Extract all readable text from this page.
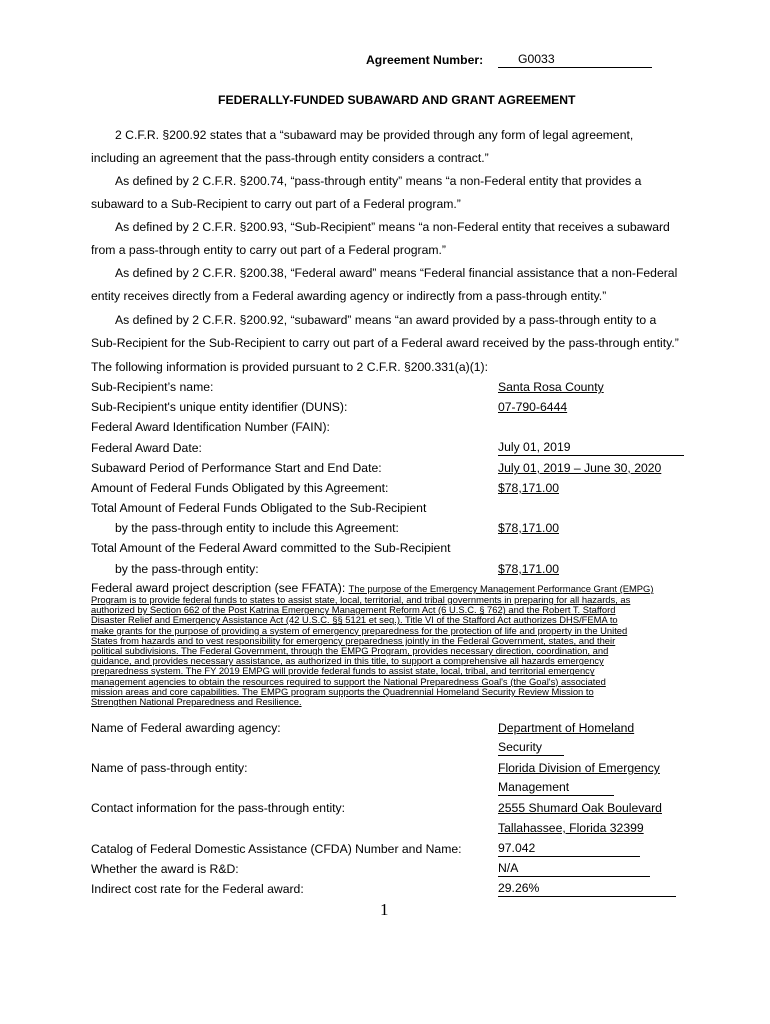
Agreement Number:	G0033
FEDERALLY-FUNDED SUBAWARD AND GRANT AGREEMENT
2 C.F.R. §200.92 states that a “subaward may be provided through any form of legal agreement, including an agreement that the pass-through entity considers a contract.”
As defined by 2 C.F.R. §200.74, “pass-through entity” means “a non-Federal entity that provides a subaward to a Sub-Recipient to carry out part of a Federal program.”
As defined by 2 C.F.R. §200.93, “Sub-Recipient” means “a non-Federal entity that receives a subaward from a pass-through entity to carry out part of a Federal program.”
As defined by 2 C.F.R. §200.38, “Federal award” means “Federal financial assistance that a non-Federal entity receives directly from a Federal awarding agency or indirectly from a pass-through entity.”
As defined by 2 C.F.R. §200.92, “subaward” means “an award provided by a pass-through entity to a Sub-Recipient for the Sub-Recipient to carry out part of a Federal award received by the pass-through entity.”
The following information is provided pursuant to 2 C.F.R. §200.331(a)(1):
Sub-Recipient’s name:	Santa Rosa County
Sub-Recipient's unique entity identifier (DUNS):	07-790-6444
Federal Award Identification Number (FAIN):
Federal Award Date:	July 01, 2019
Subaward Period of Performance Start and End Date:	July 01, 2019 – June 30, 2020
Amount of Federal Funds Obligated by this Agreement:	$78,171.00
Total Amount of Federal Funds Obligated to the Sub-Recipient
by the pass-through entity to include this Agreement:	$78,171.00
Total Amount of the Federal Award committed to the Sub-Recipient
by the pass-through entity:	$78,171.00
Federal award project description (see FFATA): The purpose of the Emergency Management Performance Grant (EMPG)
Program is to provide federal funds to states to assist state, local, territorial, and tribal governments in preparing for all hazards, as
authorized by Section 662 of the Post Katrina Emergency Management Reform Act (6 U.S.C. § 762) and the Robert T. Stafford
Disaster Relief and Emergency Assistance Act (42 U.S.C. §§ 5121 et seq.). Title VI of the Stafford Act authorizes DHS/FEMA to
make grants for the purpose of providing a system of emergency preparedness for the protection of life and property in the United
States from hazards and to vest responsibility for emergency preparedness jointly in the Federal Government, states, and their
political subdivisions. The Federal Government, through the EMPG Program, provides necessary direction, coordination, and
guidance, and provides necessary assistance, as authorized in this title, to support a comprehensive all hazards emergency
preparedness system. The FY 2019 EMPG will provide federal funds to assist state, local, tribal, and territorial emergency
management agencies to obtain the resources required to support the National Preparedness Goal's (the Goal's) associated
mission areas and core capabilities. The EMPG program supports the Quadrennial Homeland Security Review Mission to
Strengthen National Preparedness and Resilience.
Name of Federal awarding agency:	Department of Homeland
Security
Name of pass-through entity:	Florida Division of Emergency
Management
Contact information for the pass-through entity:	2555 Shumard Oak Boulevard
Tallahassee, Florida 32399
Catalog of Federal Domestic Assistance (CFDA) Number and Name:	97.042
Whether the award is R&D:	N/A
Indirect cost rate for the Federal award:	29.26%
1
